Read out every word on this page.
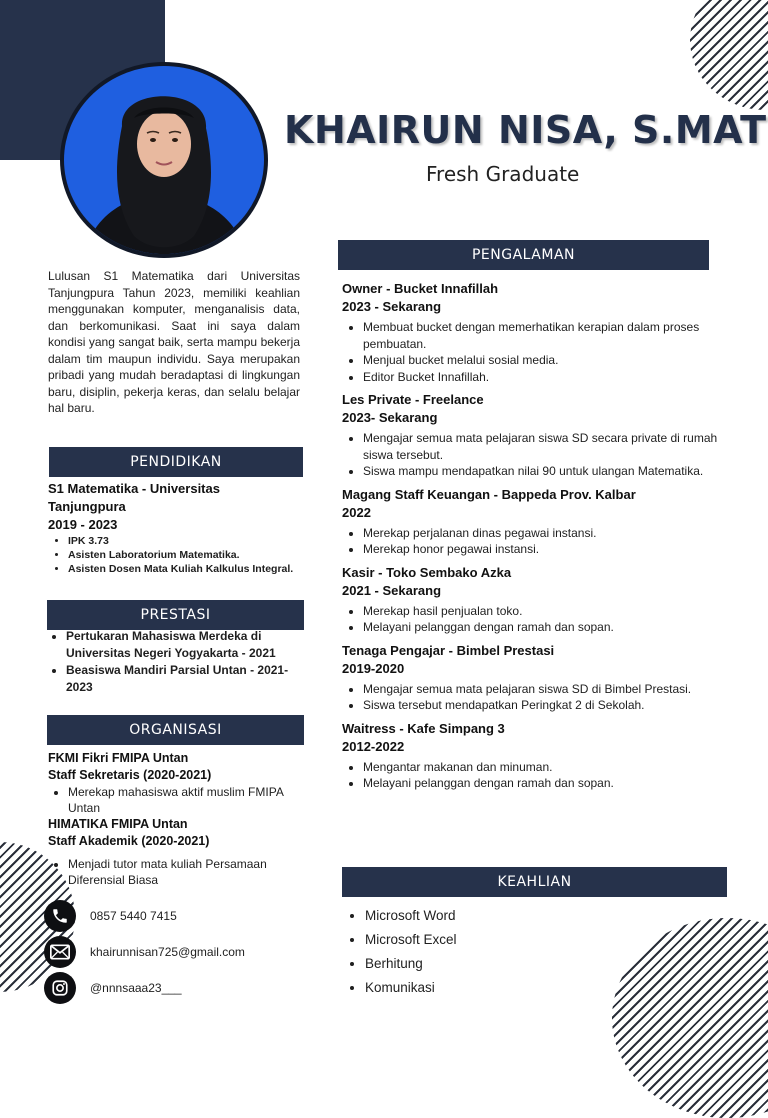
KHAIRUN NISA, S.MAT
Fresh Graduate
Lulusan S1 Matematika dari Universitas Tanjungpura Tahun 2023, memiliki keahlian menggunakan komputer, menganalisis data, dan berkomunikasi. Saat ini saya dalam kondisi yang sangat baik, serta mampu bekerja dalam tim maupun individu. Saya merupakan pribadi yang mudah beradaptasi di lingkungan baru, disiplin, pekerja keras, dan selalu belajar hal baru.
PENDIDIKAN
S1 Matematika - Universitas Tanjungpura
2019 - 2023
• IPK 3.73
• Asisten Laboratorium Matematika.
• Asisten Dosen Mata Kuliah Kalkulus Integral.
PRESTASI
• Pertukaran Mahasiswa Merdeka di Universitas Negeri Yogyakarta - 2021
• Beasiswa Mandiri Parsial Untan - 2021-2023
ORGANISASI
FKMI Fikri FMIPA Untan
Staff Sekretaris (2020-2021)
• Merekap mahasiswa aktif muslim FMIPA Untan
HIMATIKA FMIPA Untan
Staff Akademik (2020-2021)
• Menjadi tutor mata kuliah Persamaan Diferensial Biasa
0857 5440 7415
khairunnisan725@gmail.com
@nnnsaaa23___
PENGALAMAN
Owner - Bucket Innafillah
2023 - Sekarang
• Membuat bucket dengan memerhatikan kerapian dalam proses pembuatan.
• Menjual bucket melalui sosial media.
• Editor Bucket Innafillah.
Les Private - Freelance
2023- Sekarang
• Mengajar semua mata pelajaran siswa SD secara private di rumah siswa tersebut.
• Siswa mampu mendapatkan nilai 90 untuk ulangan Matematika.
Magang Staff Keuangan - Bappeda Prov. Kalbar
2022
• Merekap perjalanan dinas pegawai instansi.
• Merekap honor pegawai instansi.
Kasir - Toko Sembako Azka
2021 - Sekarang
• Merekap hasil penjualan toko.
• Melayani pelanggan dengan ramah dan sopan.
Tenaga Pengajar - Bimbel Prestasi
2019-2020
• Mengajar semua mata pelajaran siswa SD di Bimbel Prestasi.
• Siswa tersebut mendapatkan Peringkat 2 di Sekolah.
Waitress - Kafe Simpang 3
2012-2022
• Mengantar makanan dan minuman.
• Melayani pelanggan dengan ramah dan sopan.
KEAHLIAN
• Microsoft Word
• Microsoft Excel
• Berhitung
• Komunikasi
